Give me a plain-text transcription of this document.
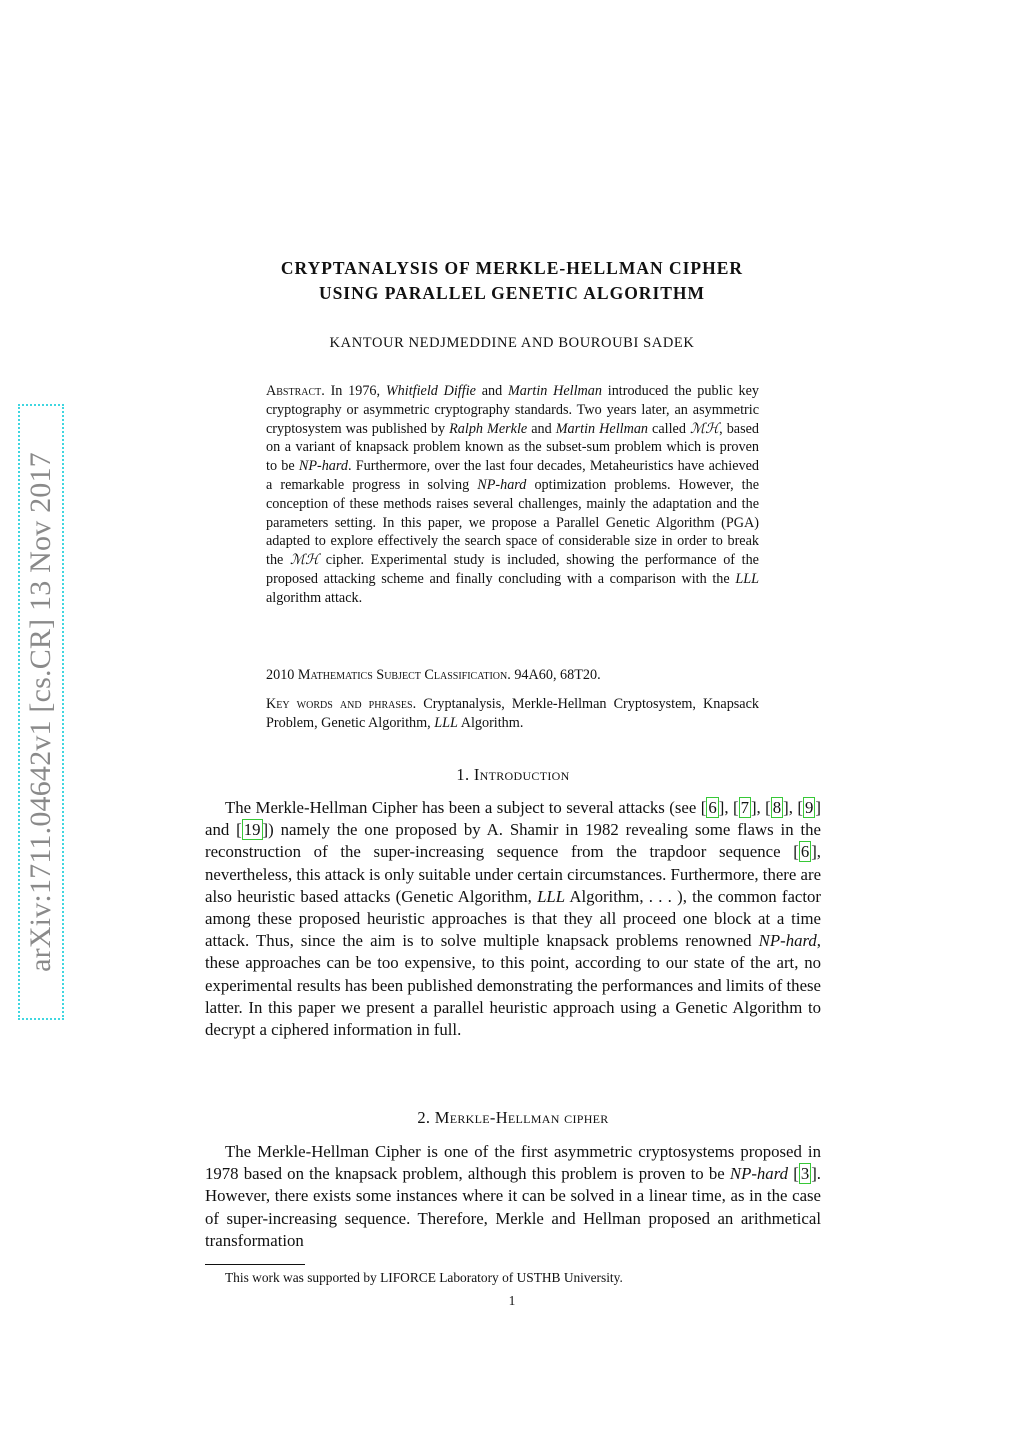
arXiv:1711.04642v1 [cs.CR] 13 Nov 2017
CRYPTANALYSIS OF MERKLE-HELLMAN CIPHER
USING PARALLEL GENETIC ALGORITHM
KANTOUR NEDJMEDDINE AND BOUROUBI SADEK
Abstract. In 1976, Whitfield Diffie and Martin Hellman introduced the public key cryptography or asymmetric cryptography standards. Two years later, an asymmetric cryptosystem was published by Ralph Merkle and Martin Hellman called ℳℋ, based on a variant of knapsack problem known as the subset-sum problem which is proven to be NP-hard. Furthermore, over the last four decades, Metaheuristics have achieved a remarkable progress in solving NP-hard optimization problems. However, the conception of these methods raises several challenges, mainly the adaptation and the parameters setting. In this paper, we propose a Parallel Genetic Algorithm (PGA) adapted to explore effectively the search space of considerable size in order to break the ℳℋ cipher. Experimental study is included, showing the performance of the proposed attacking scheme and finally concluding with a comparison with the LLL algorithm attack.
2010 Mathematics Subject Classification. 94A60, 68T20.
Key words and phrases. Cryptanalysis, Merkle-Hellman Cryptosystem, Knapsack Problem, Genetic Algorithm, LLL Algorithm.
1. Introduction

The Merkle-Hellman Cipher has been a subject to several attacks (see [ 6 ], [ 7 ], [ 8 ], [ 9 ] and [ 19 ]) namely the one proposed by A. Shamir in 1982 revealing some flaws in the reconstruction of the super-increasing sequence from the trapdoor sequence [ 6 ], nevertheless, this attack is only suitable under certain circumstances. Furthermore, there are also heuristic based attacks (Genetic Algorithm, LLL Algorithm, . . . ), the common factor among these proposed heuristic approaches is that they all proceed one block at a time attack. Thus, since the aim is to solve multiple knapsack problems renowned NP-hard, these approaches can be too expensive, to this point, according to our state of the art, no experimental results has been published demonstrating the performances and limits of these latter. In this paper we present a parallel heuristic approach using a Genetic Algorithm to decrypt a ciphered information in full.

2. Merkle-Hellman cipher

The Merkle-Hellman Cipher is one of the first asymmetric cryptosystems proposed in 1978 based on the knapsack problem, although this problem is proven to be NP-hard [ 3 ]. However, there exists some instances where it can be solved in a linear time, as in the case of super-increasing sequence. Therefore, Merkle and Hellman proposed an arithmetical transformation

This work was supported by LIFORCE Laboratory of USTHB University.
1
